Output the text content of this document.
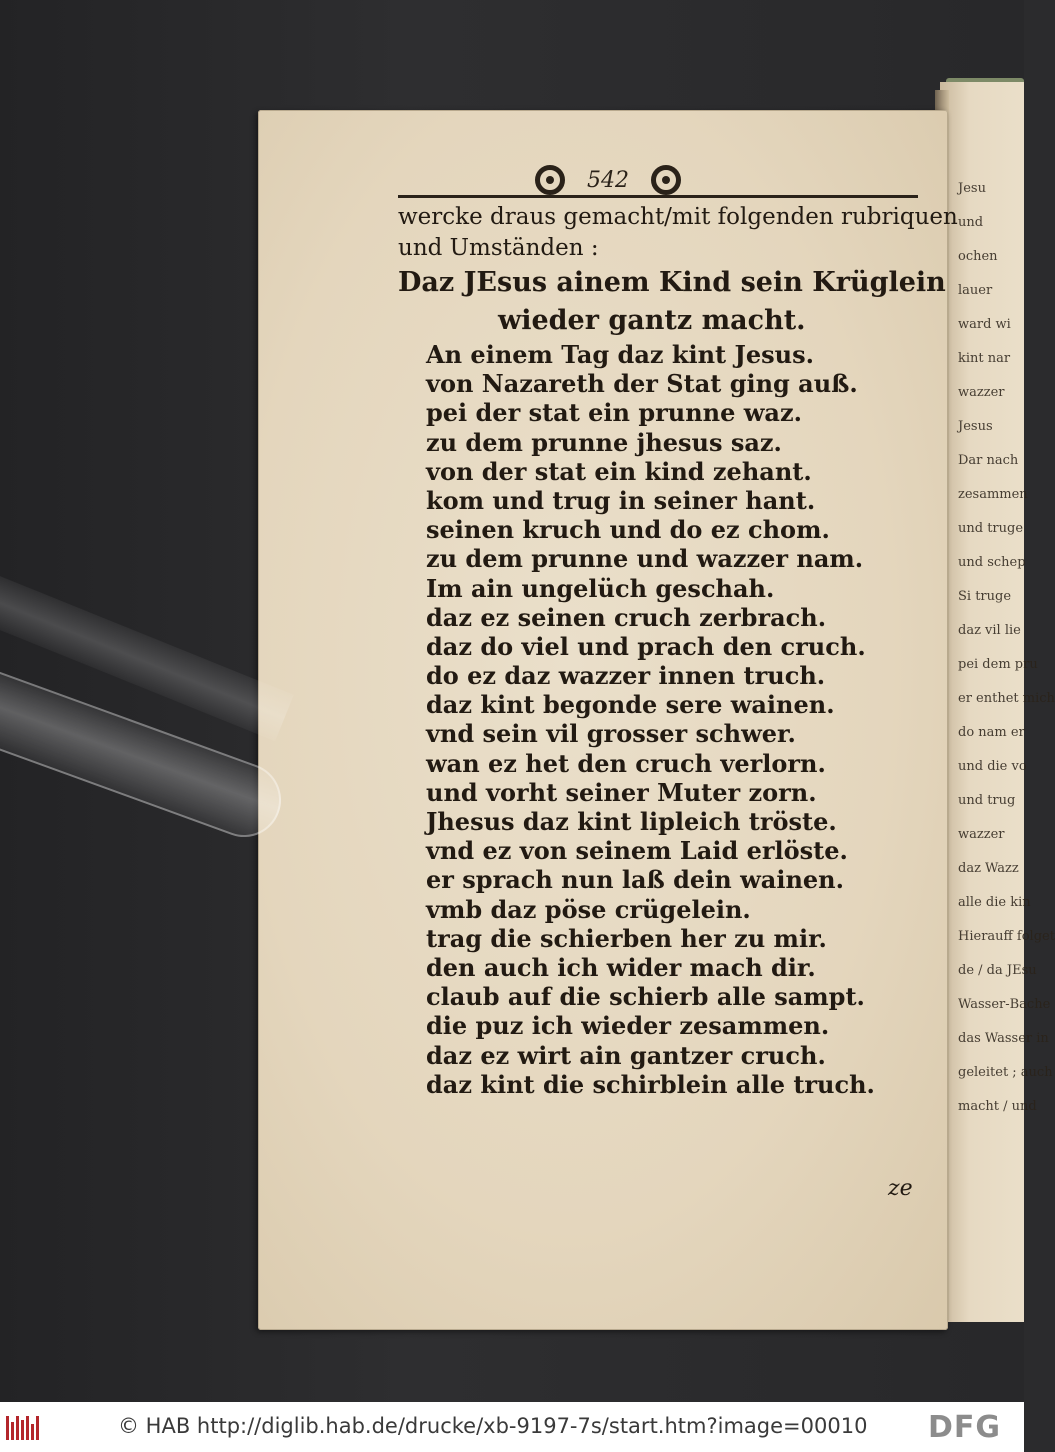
Jesu
und
ochen
lauer
ward wi
kint nar
wazzer
Jesus
Dar nach
zesammen
und truge
und schep
Si truge
daz vil lie
pei dem pru
er enthet mich
do nam er
und die vo
und trug
wazzer
daz Wazz
alle die kin
Hierauff folget
de / da JEsu
Wasser-Bache
das Wasser in
geleitet ; auch
macht / und
542
wercke draus gemacht/mit folgenden rubriquen
und Umständen :
Daz JEsus ainem Kind sein Krüglein
wieder gantz macht.
An einem Tag daz kint Jesus.
von Nazareth der Stat ging auß.
pei der stat ein prunne waz.
zu dem prunne jhesus saz.
von der stat ein kind zehant.
kom und trug in seiner hant.
seinen kruch und do ez chom.
zu dem prunne und wazzer nam.
Im ain ungelüch geschah.
daz ez seinen cruch zerbrach.
daz do viel und prach den cruch.
do ez daz wazzer innen truch.
daz kint begonde sere wainen.
vnd sein vil grosser schwer.
wan ez het den cruch verlorn.
und vorht seiner Muter zorn.
Jhesus daz kint lipleich tröste.
vnd ez von seinem Laid erlöste.
er sprach nun laß dein wainen.
vmb daz pöse crügelein.
trag die schierben her zu mir.
den auch ich wider mach dir.
claub auf die schierb alle sampt.
die puz ich wieder zesammen.
daz ez wirt ain gantzer cruch.
daz kint die schirblein alle truch.
ze
© HAB http://diglib.hab.de/drucke/xb-9197-7s/start.htm?image=00010 DFG
